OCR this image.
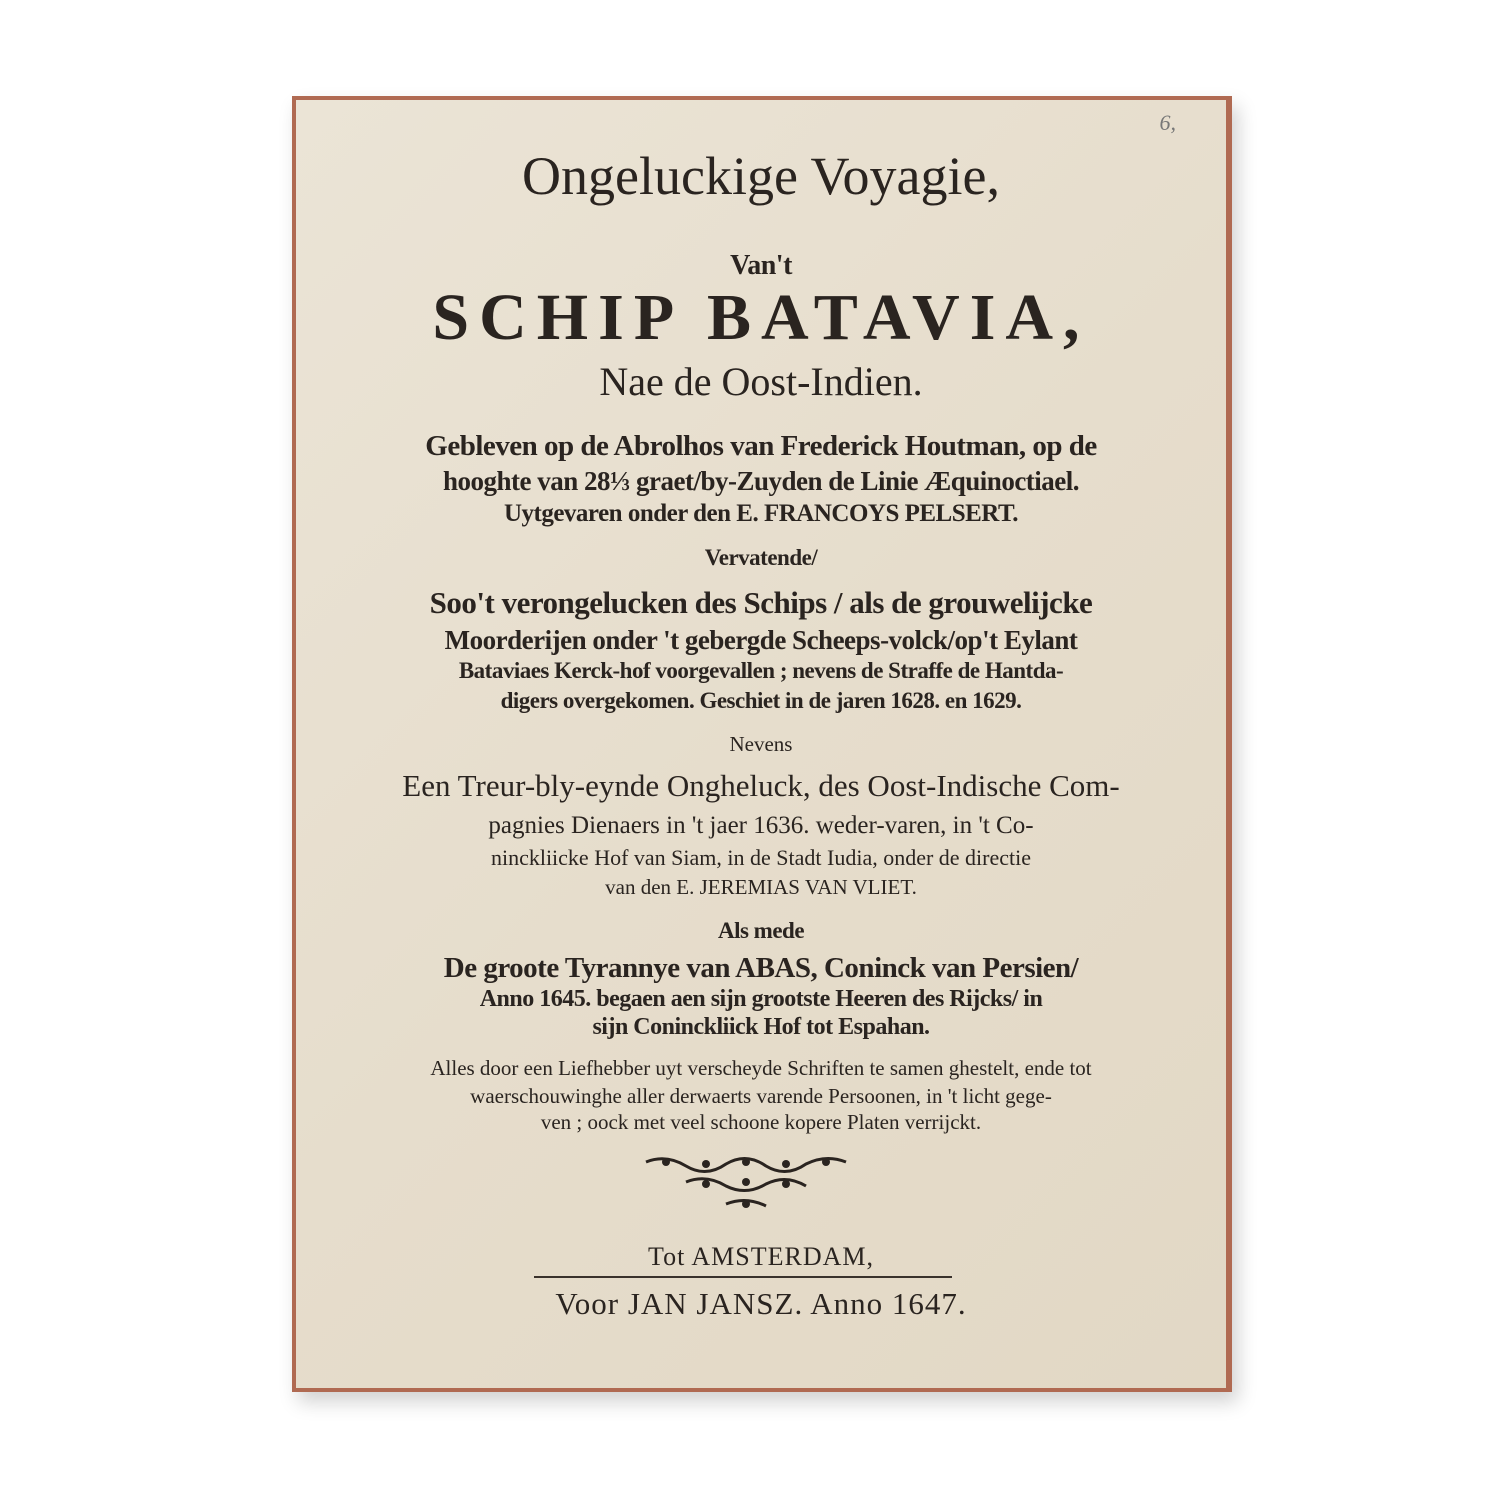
6,
Ongeluckige Voyagie,
Van't
SCHIP BATAVIA,
Nae de Oost-Indien.
Gebleven op de Abrolhos van Frederick Houtman, op de
hooghte van 28⅓ graet/by-Zuyden de Linie Æquinoctiael.
Uytgevaren onder den E. FRANCOYS PELSERT.
Vervatende/
Soo't verongelucken des Schips / als de grouwelijcke
Moorderijen onder 't gebergde Scheeps-volck/op't Eylant
Bataviaes Kerck-hof voorgevallen ; nevens de Straffe de Hantda-
digers overgekomen. Geschiet in de jaren 1628. en 1629.
Nevens
Een Treur-bly-eynde Ongheluck, des Oost-Indische Com-
pagnies Dienaers in 't jaer 1636. weder-varen, in 't Co-
ninckliicke Hof van Siam, in de Stadt Iudia, onder de directie
van den E. JEREMIAS VAN VLIET.
Als mede
De groote Tyrannye van ABAS, Coninck van Persien/
Anno 1645. begaen aen sijn grootste Heeren des Rijcks/ in
sijn Coninckliick Hof tot Espahan.
Alles door een Liefhebber uyt verscheyde Schriften te samen ghestelt, ende tot
waerschouwinghe aller derwaerts varende Persoonen, in 't licht gege-
ven ; oock met veel schoone kopere Platen verrijckt.
Tot AMSTERDAM,
Voor JAN JANSZ. Anno 1647.
